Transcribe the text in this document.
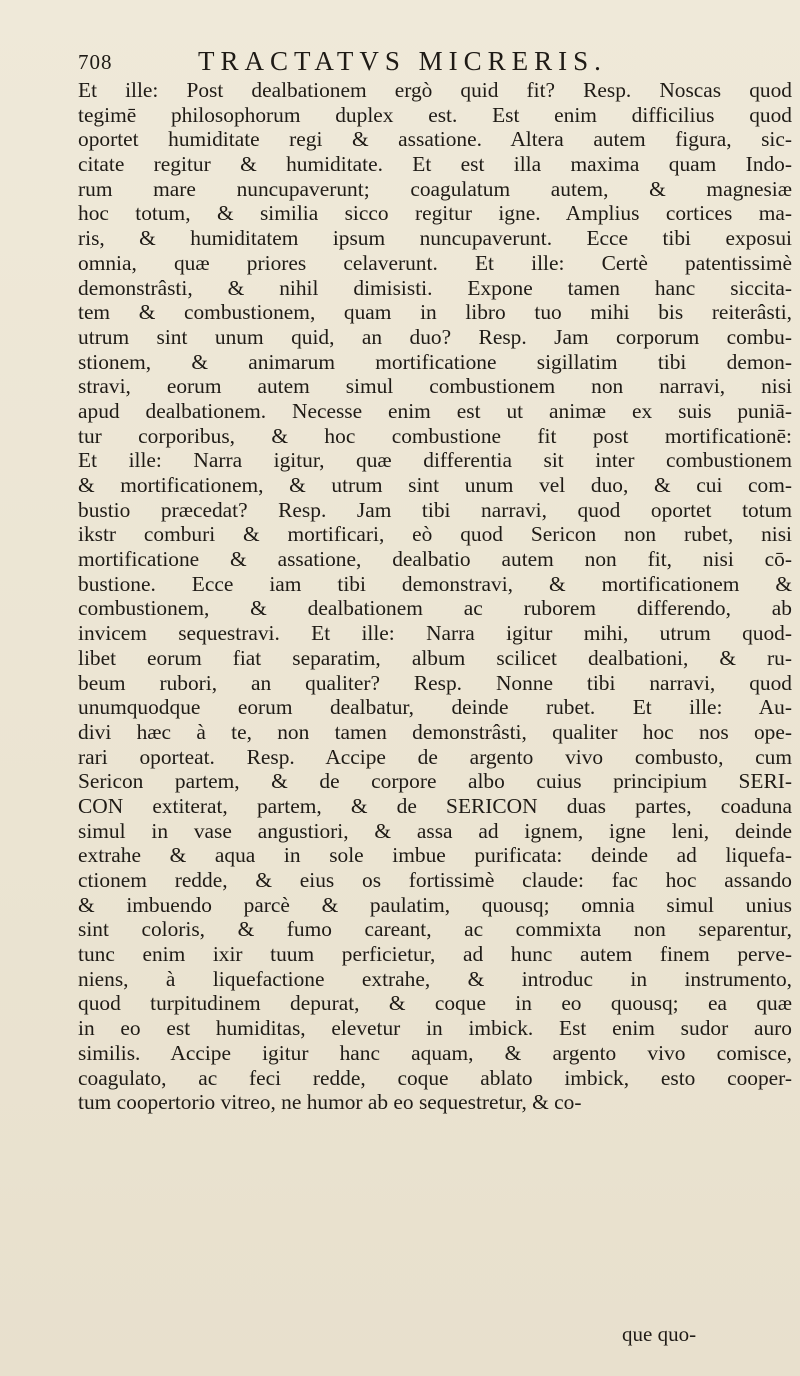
708	TRACTATVS MICRERIS.
Et ille: Post dealbationem ergò quid fit? Resp. Noscas quod
tegimē philosophorum duplex est. Est enim difficilius quod
oportet humiditate regi & assatione. Altera autem figura, sic-
citate regitur & humiditate. Et est illa maxima quam Indo-
rum mare nuncupaverunt; coagulatum autem, & magnesiæ
hoc totum, & similia sicco regitur igne. Amplius cortices ma-
ris, & humiditatem ipsum nuncupaverunt. Ecce tibi exposui
omnia, quæ priores celaverunt. Et ille: Certè patentissimè
demonstrâsti, & nihil dimisisti. Expone tamen hanc siccita-
tem & combustionem, quam in libro tuo mihi bis reiterâsti,
utrum sint unum quid, an duo? Resp. Jam corporum combu-
stionem, & animarum mortificatione sigillatim tibi demon-
stravi, eorum autem simul combustionem non narravi, nisi
apud dealbationem. Necesse enim est ut animæ ex suis puniā-
tur corporibus, & hoc combustione fit post mortificationē:
Et ille: Narra igitur, quæ differentia sit inter combustionem
& mortificationem, & utrum sint unum vel duo, & cui com-
bustio præcedat? Resp. Jam tibi narravi, quod oportet totum
ikstr comburi & mortificari, eò quod Sericon non rubet, nisi
mortificatione & assatione, dealbatio autem non fit, nisi cō-
bustione. Ecce iam tibi demonstravi, & mortificationem &
combustionem, & dealbationem ac ruborem differendo, ab
invicem sequestravi. Et ille: Narra igitur mihi, utrum quod-
libet eorum fiat separatim, album scilicet dealbationi, & ru-
beum rubori, an qualiter? Resp. Nonne tibi narravi, quod
unumquodque eorum dealbatur, deinde rubet. Et ille: Au-
divi hæc à te, non tamen demonstrâsti, qualiter hoc nos ope-
rari oporteat. Resp. Accipe de argento vivo combusto, cum
Sericon partem, & de corpore albo cuius principium SERI-
CON extiterat, partem, & de SERICON duas partes, coaduna
simul in vase angustiori, & assa ad ignem, igne leni, deinde
extrahe & aqua in sole imbue purificata: deinde ad liquefa-
ctionem redde, & eius os fortissimè claude: fac hoc assando
& imbuendo parcè & paulatim, quousq; omnia simul unius
sint coloris, & fumo careant, ac commixta non separentur,
tunc enim ixir tuum perficietur, ad hunc autem finem perve-
niens, à liquefactione extrahe, & introduc in instrumento,
quod turpitudinem depurat, & coque in eo quousq; ea quæ
in eo est humiditas, elevetur in imbick. Est enim sudor auro
similis. Accipe igitur hanc aquam, & argento vivo comisce,
coagulato, ac feci redde, coque ablato imbick, esto cooper-
tum coopertorio vitreo, ne humor ab eo sequestretur, & co-
que quo-
